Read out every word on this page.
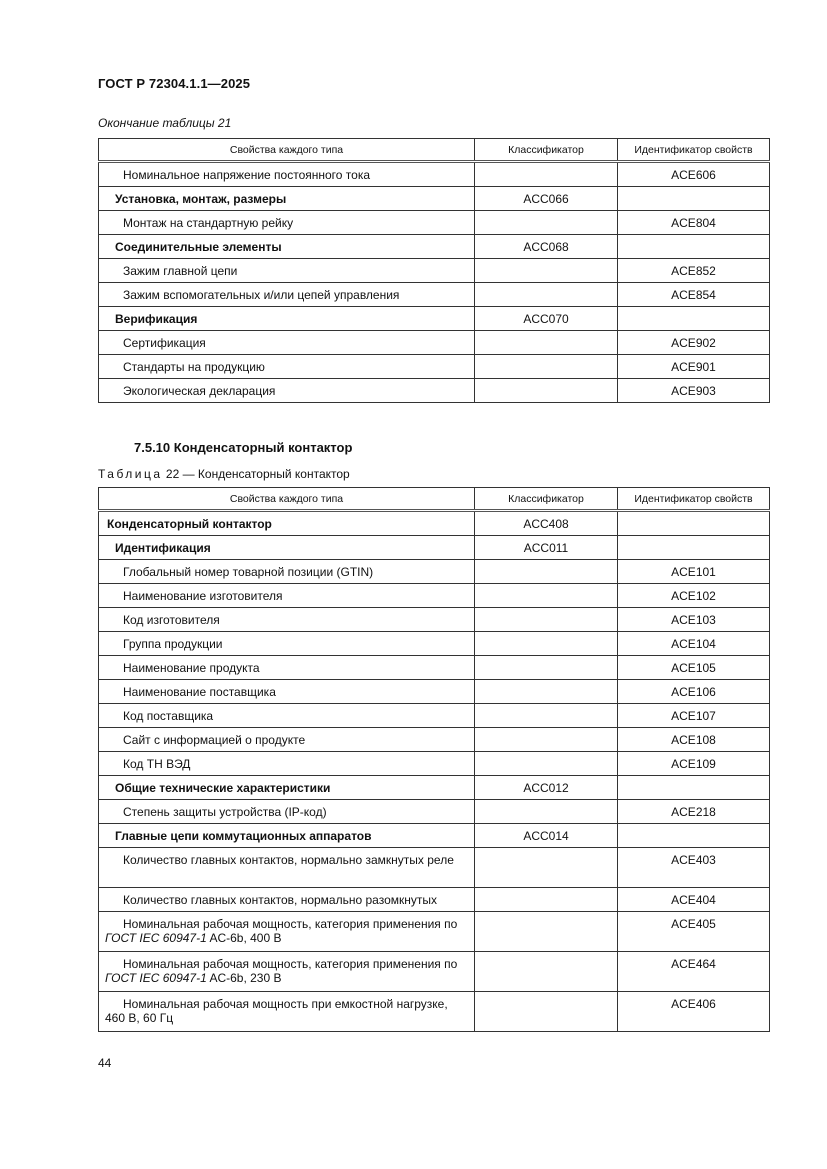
ГОСТ Р 72304.1.1—2025
Окончание таблицы 21
Свойства каждого типа	Классификатор	Идентификатор свойств
Номинальное напряжение постоянного тока		ACE606
Установка, монтаж, размеры	ACC066	
Монтаж на стандартную рейку		ACE804
Соединительные элементы	ACC068	
Зажим главной цепи		ACE852
Зажим вспомогательных и/или цепей управления		ACE854
Верификация	ACC070	
Сертификация		ACE902
Стандарты на продукцию		ACE901
Экологическая декларация		ACE903
7.5.10 Конденсаторный контактор
Таблица 22 — Конденсаторный контактор
Свойства каждого типа	Классификатор	Идентификатор свойств
Конденсаторный контактор	ACC408	
Идентификация	ACC011	
Глобальный номер товарной позиции (GTIN)		ACE101
Наименование изготовителя		ACE102
Код изготовителя		ACE103
Группа продукции		ACE104
Наименование продукта		ACE105
Наименование поставщика		ACE106
Код поставщика		ACE107
Сайт с информацией о продукте		ACE108
Код ТН ВЭД		ACE109
Общие технические характеристики	ACC012	
Степень защиты устройства (IP-код)		ACE218
Главные цепи коммутационных аппаратов	ACC014	
Количество главных контактов, нормально замкнутых реле		ACE403
Количество главных контактов, нормально разомкнутых		ACE404
Номинальная рабочая мощность, категория применения по ГОСТ IEC 60947-1 AC-6b, 400 В		ACE405
Номинальная рабочая мощность, категория применения по ГОСТ IEC 60947-1 AC-6b, 230 В		ACE464
Номинальная рабочая мощность при емкостной нагрузке, 460 В, 60 Гц		ACE406
44
